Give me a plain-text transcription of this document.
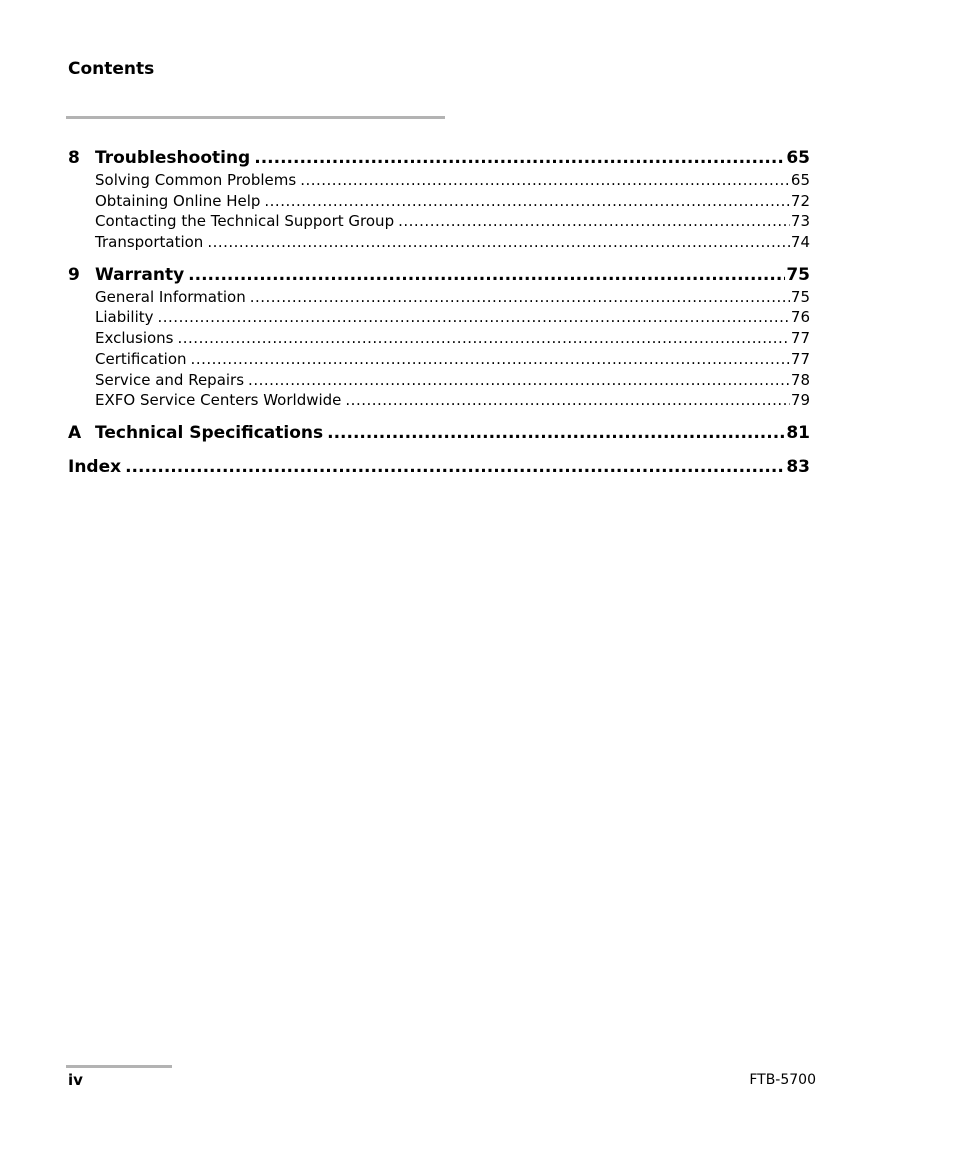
Contents
8 Troubleshooting .....	65
Solving Common Problems .....	65
Obtaining Online Help .....	72
Contacting the Technical Support Group .....	73
Transportation .....	74
9 Warranty .....	75
General Information .....	75
Liability .....	76
Exclusions .....	77
Certification .....	77
Service and Repairs .....	78
EXFO Service Centers Worldwide .....	79
A Technical Specifications .....	81
Index .....	83
iv	FTB-5700
